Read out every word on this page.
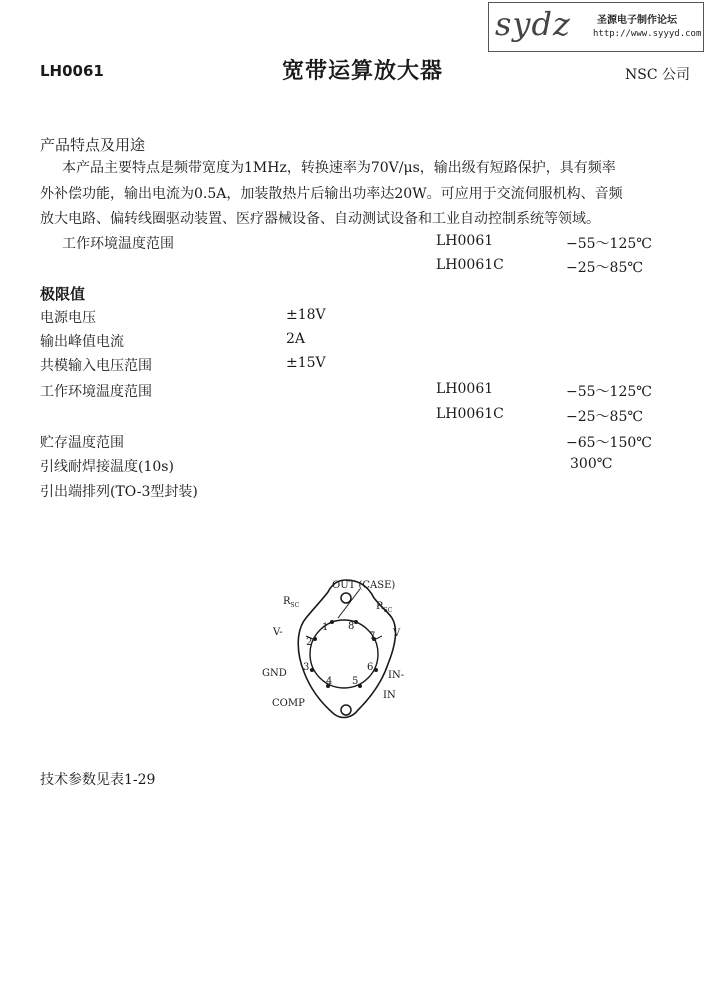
sydz	圣源电子制作论坛
http://www.syyyd.com
LH0061	宽带运算放大器	NSC 公司
产品特点及用途
本产品主要特点是频带宽度为1MHz，转换速率为70V/μs，输出级有短路保护，具有频率
外补偿功能，输出电流为0.5A，加装散热片后输出功率达20W。可应用于交流伺服机构、音频
放大电路、偏转线圈驱动装置、医疗器械设备、自动测试设备和工业自动控制系统等领域。
工作环境温度范围	LH0061	−55～125℃
LH0061C	−25～85℃
极限值
电源电压	±18V
输出峰值电流	2A
共模输入电压范围	±15V
工作环境温度范围	LH0061	−55～125℃
LH0061C	−25～85℃
贮存温度范围	−65～150℃
引线耐焊接温度(10s)	300℃
引出端排列(TO-3型封装)
1
2
3
4 5
6
7
8
OUT (CASE)
$R_{SC}$	$R_{SC}$
V-	V
GND	IN-
IN
COMP
技术参数见表1-29
